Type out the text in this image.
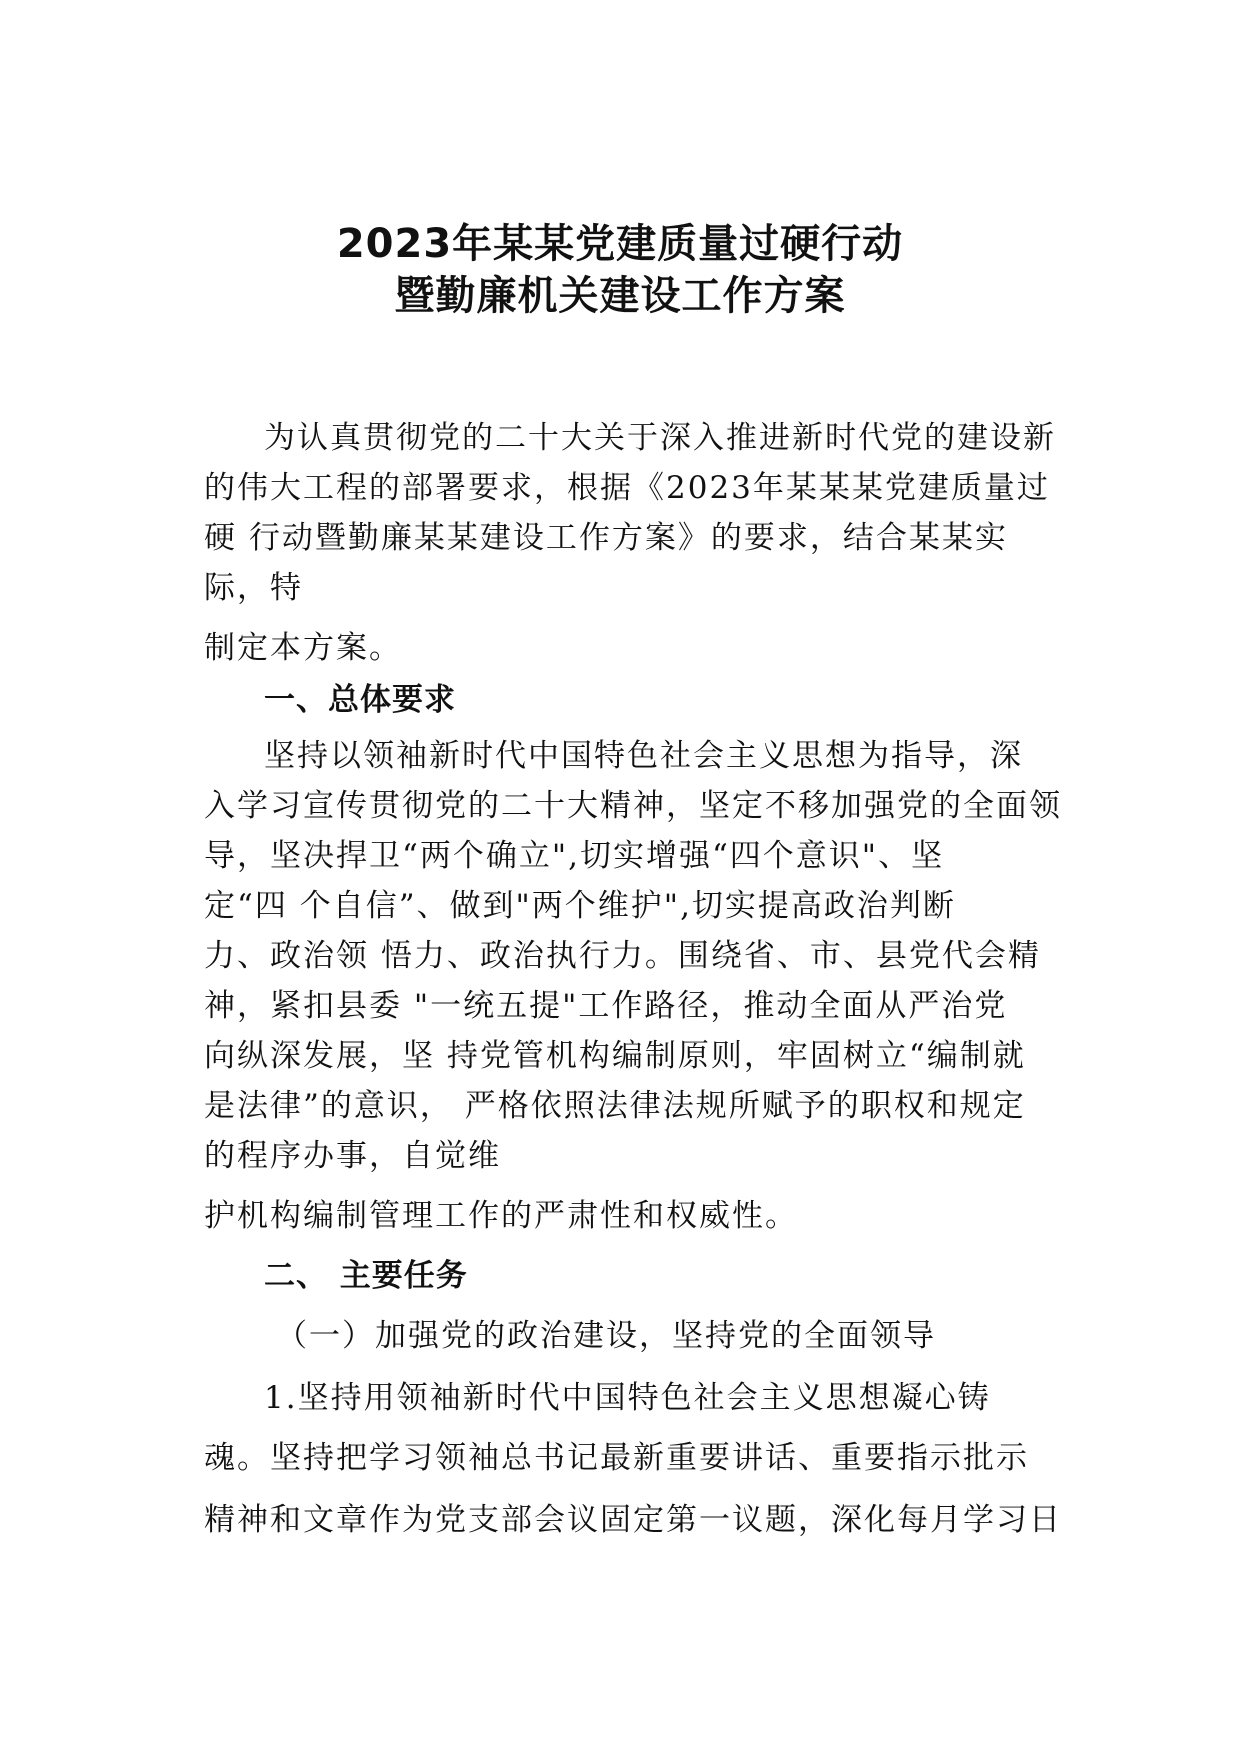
2023年某某党建质量过硬行动
暨勤廉机关建设工作方案
为认真贯彻党的二十大关于深入推进新时代党的建设新
的伟大工程的部署要求，根据《2023年某某某党建质量过
硬 行动暨勤廉某某建设工作方案》的要求，结合某某实
际，特
制定本方案。
一、总体要求
坚持以领袖新时代中国特色社会主义思想为指导，深
入学习宣传贯彻党的二十大精神，坚定不移加强党的全面领
导，坚决捍卫“两个确立",切实增强“四个意识"、坚
定“四 个自信”、做到"两个维护",切实提高政治判断
力、政治领 悟力、政治执行力。围绕省、市、县党代会精
神，紧扣县委 "一统五提"工作路径，推动全面从严治党
向纵深发展，坚 持党管机构编制原则，牢固树立“编制就
是法律”的意识， 严格依照法律法规所赋予的职权和规定
的程序办事，自觉维
护机构编制管理工作的严肃性和权威性。
二、 主要任务
（一）加强党的政治建设，坚持党的全面领导
1.坚持用领袖新时代中国特色社会主义思想凝心铸
魂。坚持把学习领袖总书记最新重要讲话、重要指示批示
精神和文章作为党支部会议固定第一议题，深化每月学习日
